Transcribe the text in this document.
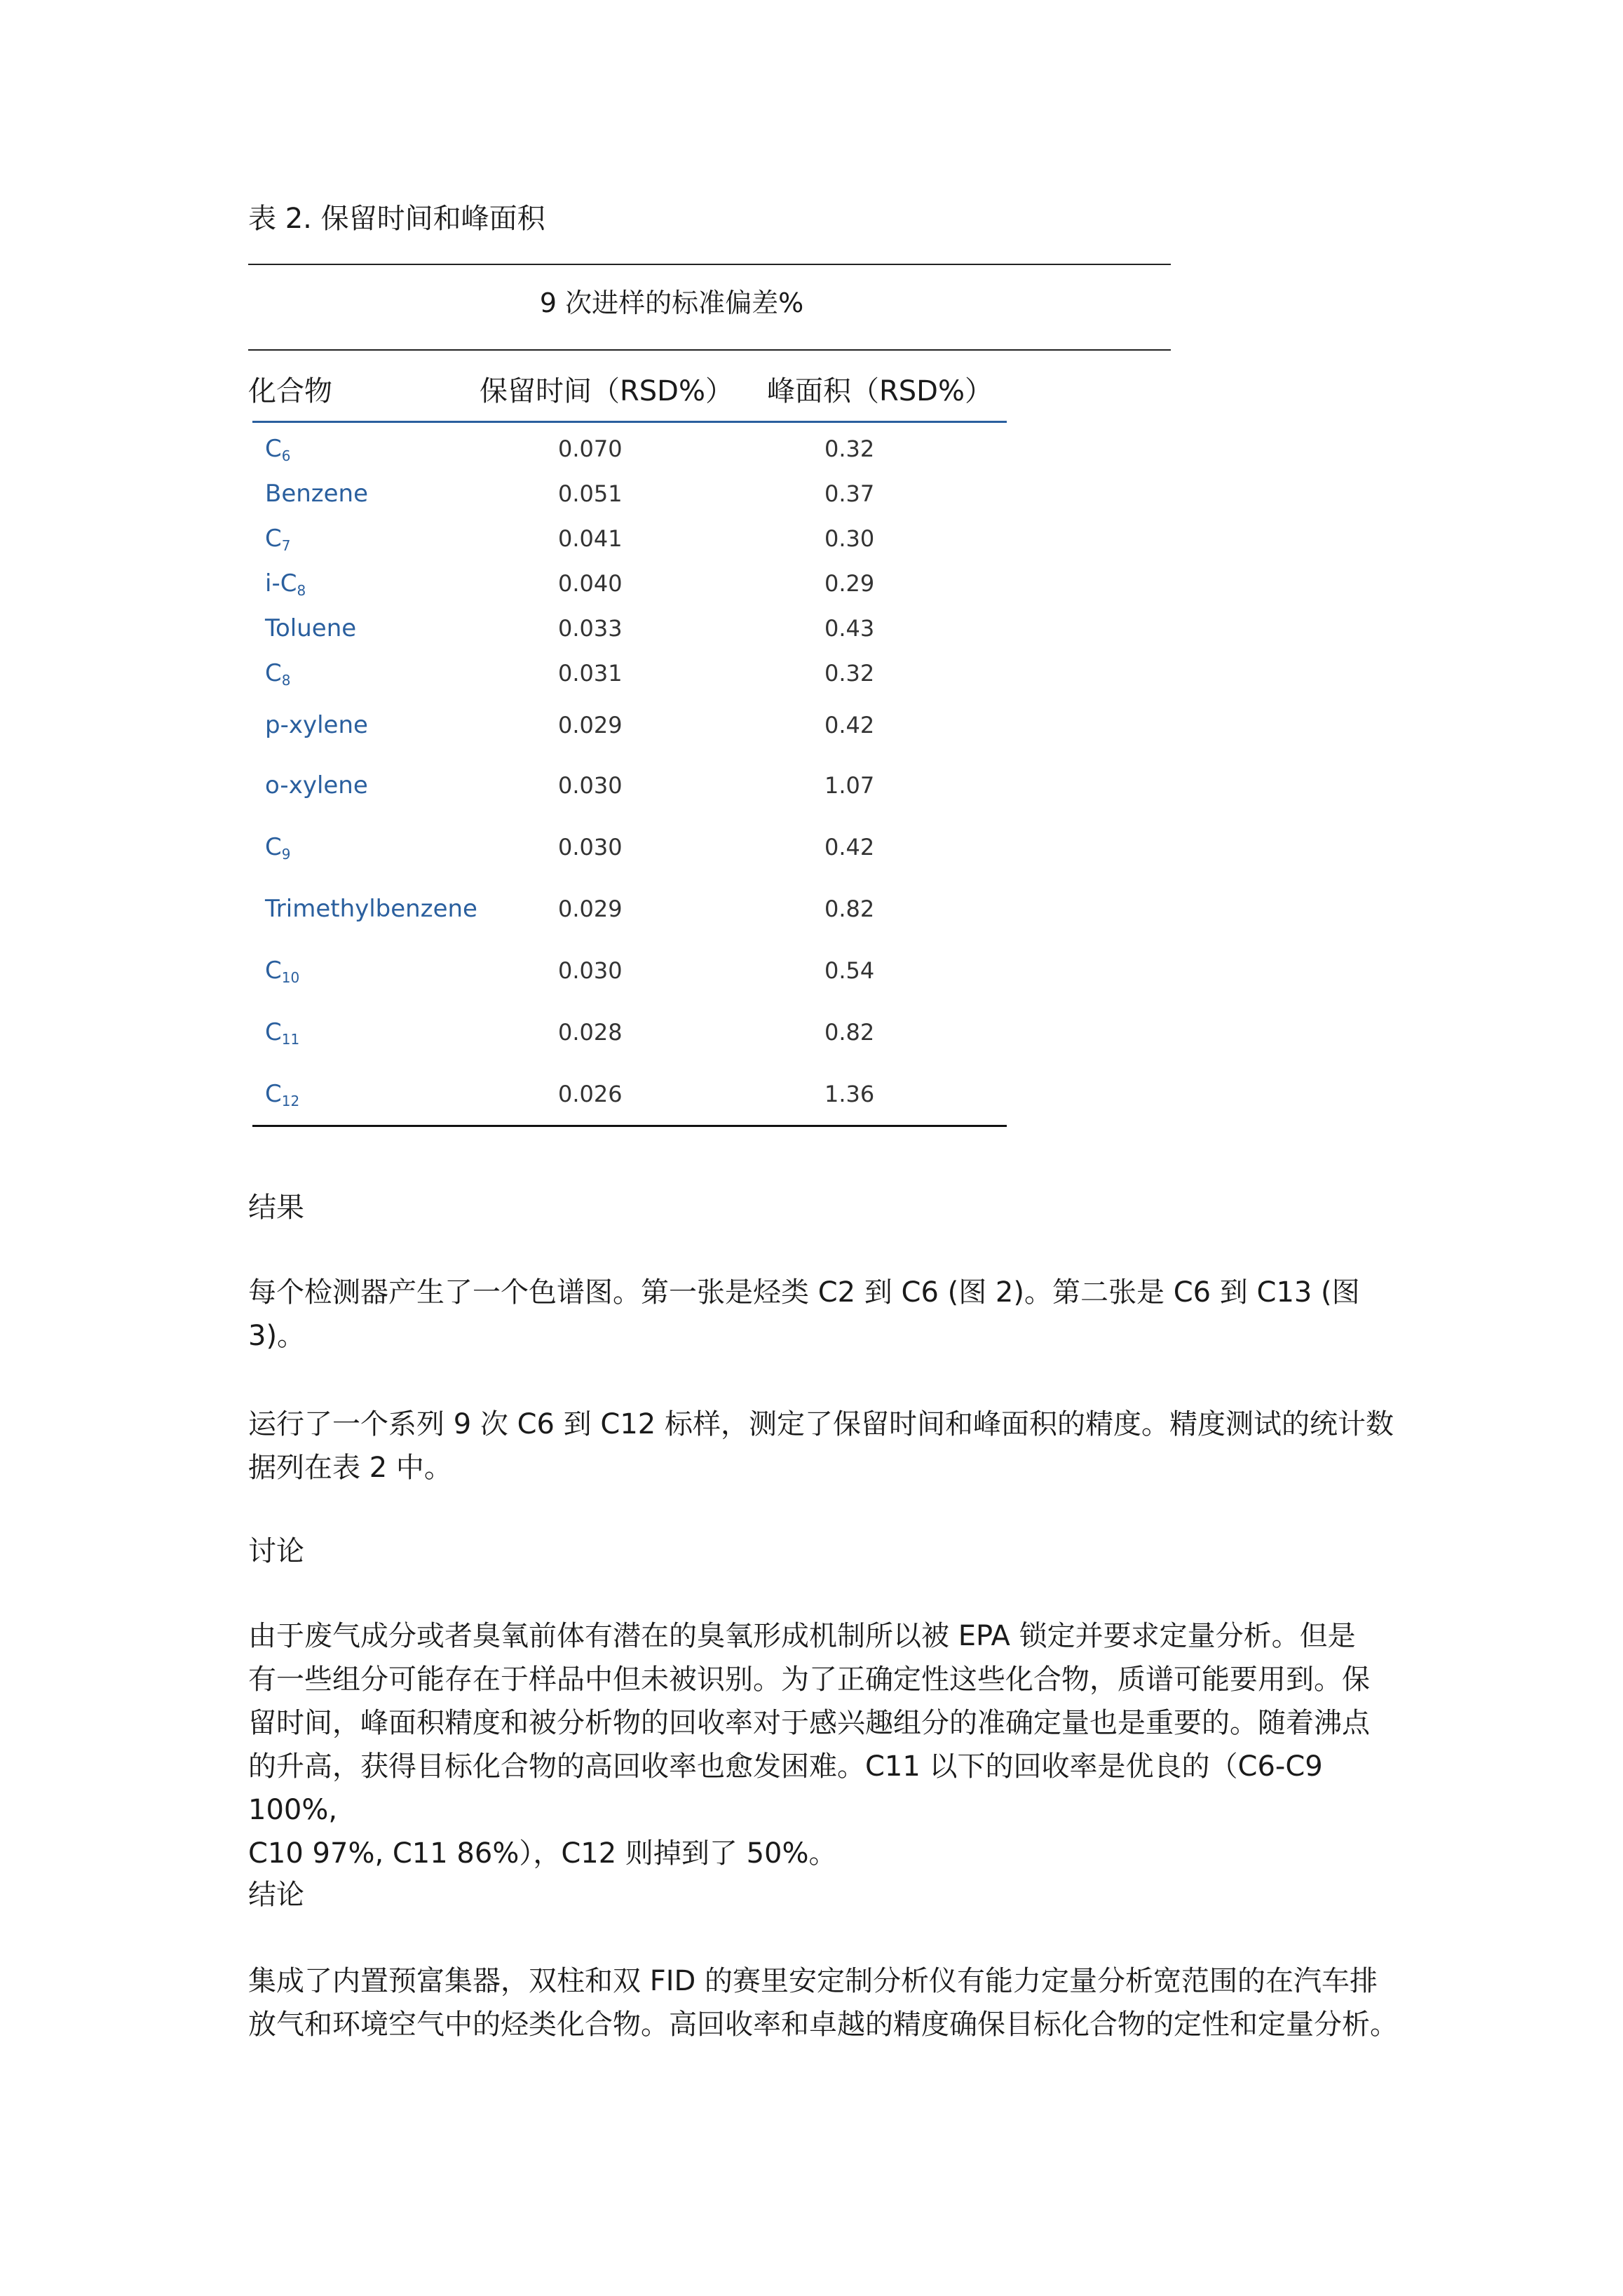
表 2. 保留时间和峰面积
9 次进样的标准偏差%
化合物	保留时间（RSD%） 峰面积（RSD%）
$C_6$	0.070	0.32
Benzene	0.051	0.37
$C_7$	0.041	0.30
$i-C_8$	0.040	0.29
Toluene	0.033	0.43
$C_8$	0.031	0.32
p-xylene	0.029	0.42
o-xylene	0.030	1.07
$C_9$	0.030	0.42
Trimethylbenzene	0.029	0.82
$C_{10}$	0.030	0.54
$C_{11}$	0.028	0.82
$C_{12}$	0.026	1.36
结果
每个检测器产生了一个色谱图。第一张是烃类 C2 到 C6 (图 2)。第二张是 C6 到 C13 (图 3)。
运行了一个系列 9 次 C6 到 C12 标样，测定了保留时间和峰面积的精度。精度测试的统计数
据列在表 2 中。
讨论
由于废气成分或者臭氧前体有潜在的臭氧形成机制所以被 EPA 锁定并要求定量分析。但是
有一些组分可能存在于样品中但未被识别。为了正确定性这些化合物，质谱可能要用到。保
留时间，峰面积精度和被分析物的回收率对于感兴趣组分的准确定量也是重要的。随着沸点
的升高，获得目标化合物的高回收率也愈发困难。C11 以下的回收率是优良的（C6-C9 100%,
C10 97%, C11 86%），C12 则掉到了 50%。
结论
集成了内置预富集器，双柱和双 FID 的赛里安定制分析仪有能力定量分析宽范围的在汽车排
放气和环境空气中的烃类化合物。高回收率和卓越的精度确保目标化合物的定性和定量分析。
